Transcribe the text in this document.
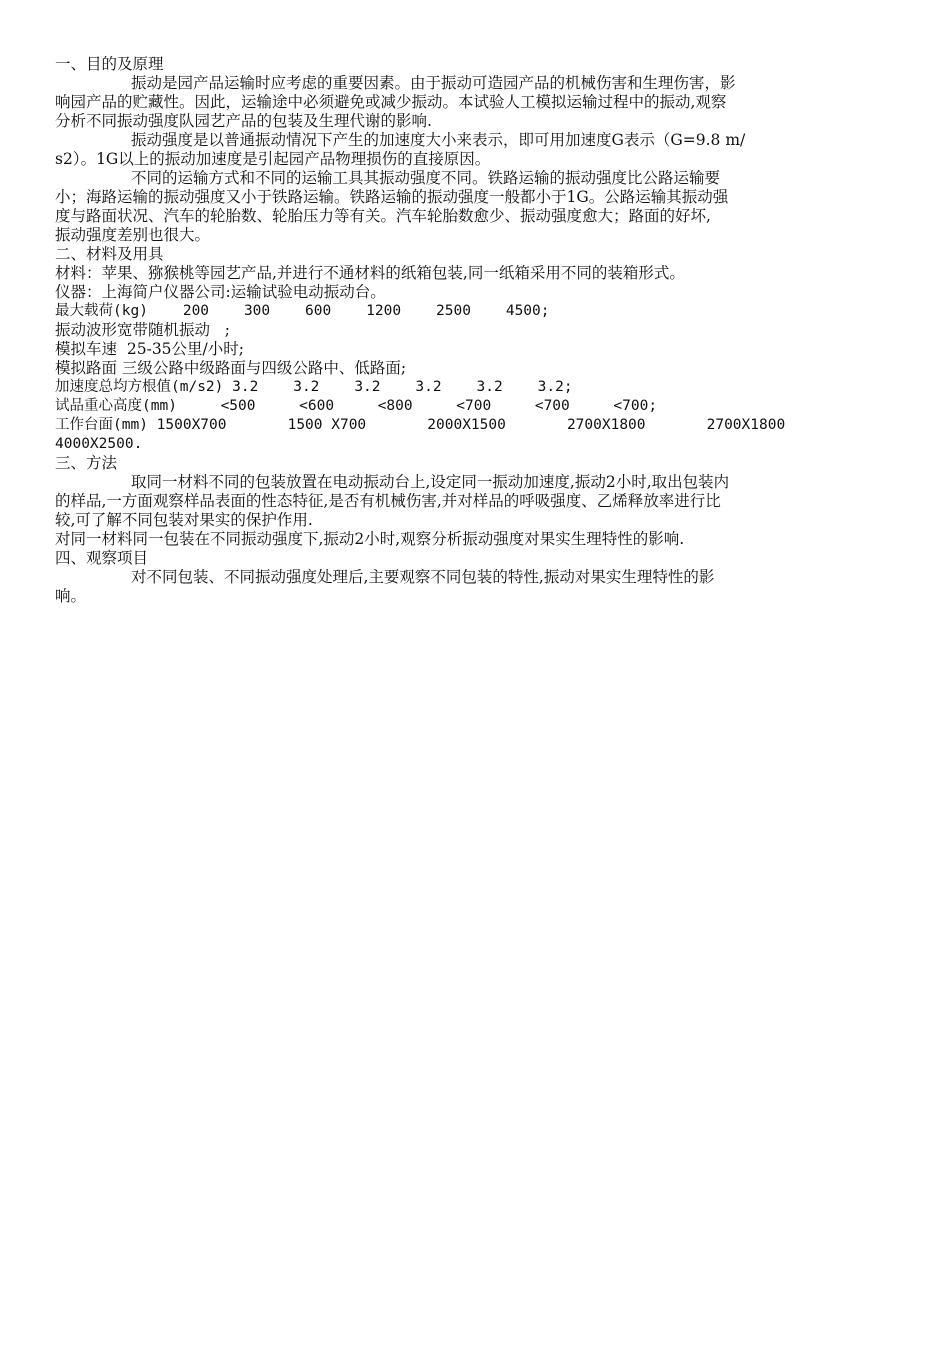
一、目的及原理
振动是园产品运输时应考虑的重要因素。由于振动可造园产品的机械伤害和生理伤害，影
响园产品的贮藏性。因此，运输途中必须避免或减少振动。本试验人工模拟运输过程中的振动,观察
分析不同振动强度队园艺产品的包装及生理代谢的影响.
振动强度是以普通振动情况下产生的加速度大小来表示，即可用加速度G表示（G=9.8 m/
s2）。1G以上的振动加速度是引起园产品物理损伤的直接原因。
不同的运输方式和不同的运输工具其振动强度不同。铁路运输的振动强度比公路运输要
小；海路运输的振动强度又小于铁路运输。铁路运输的振动强度一般都小于1G。公路运输其振动强
度与路面状况、汽车的轮胎数、轮胎压力等有关。汽车轮胎数愈少、振动强度愈大；路面的好坏,
振动强度差别也很大。
二、材料及用具
材料：苹果、猕猴桃等园艺产品,并进行不通材料的纸箱包装,同一纸箱采用不同的装箱形式。
仪器：上海简户仪器公司:运输试验电动振动台。
最大载荷(kg)    200    300    600    1200    2500    4500;
振动波形宽带随机振动   ;
模拟车速  25-35公里/小时;
模拟路面 三级公路中级路面与四级公路中、低路面;
加速度总均方根值(m/s2) 3.2    3.2    3.2    3.2    3.2    3.2;
试品重心高度(mm)     <500     <600     <800     <700     <700     <700;
工作台面(mm) 1500X700       1500 X700       2000X1500       2700X1800       2700X1800
4000X2500.
三、方法
取同一材料不同的包装放置在电动振动台上,设定同一振动加速度,振动2小时,取出包装内
的样品,一方面观察样品表面的性态特征,是否有机械伤害,并对样品的呼吸强度、乙烯释放率进行比
较,可了解不同包装对果实的保护作用.
对同一材料同一包装在不同振动强度下,振动2小时,观察分析振动强度对果实生理特性的影响.
四、观察项目
对不同包装、不同振动强度处理后,主要观察不同包装的特性,振动对果实生理特性的影
响。
